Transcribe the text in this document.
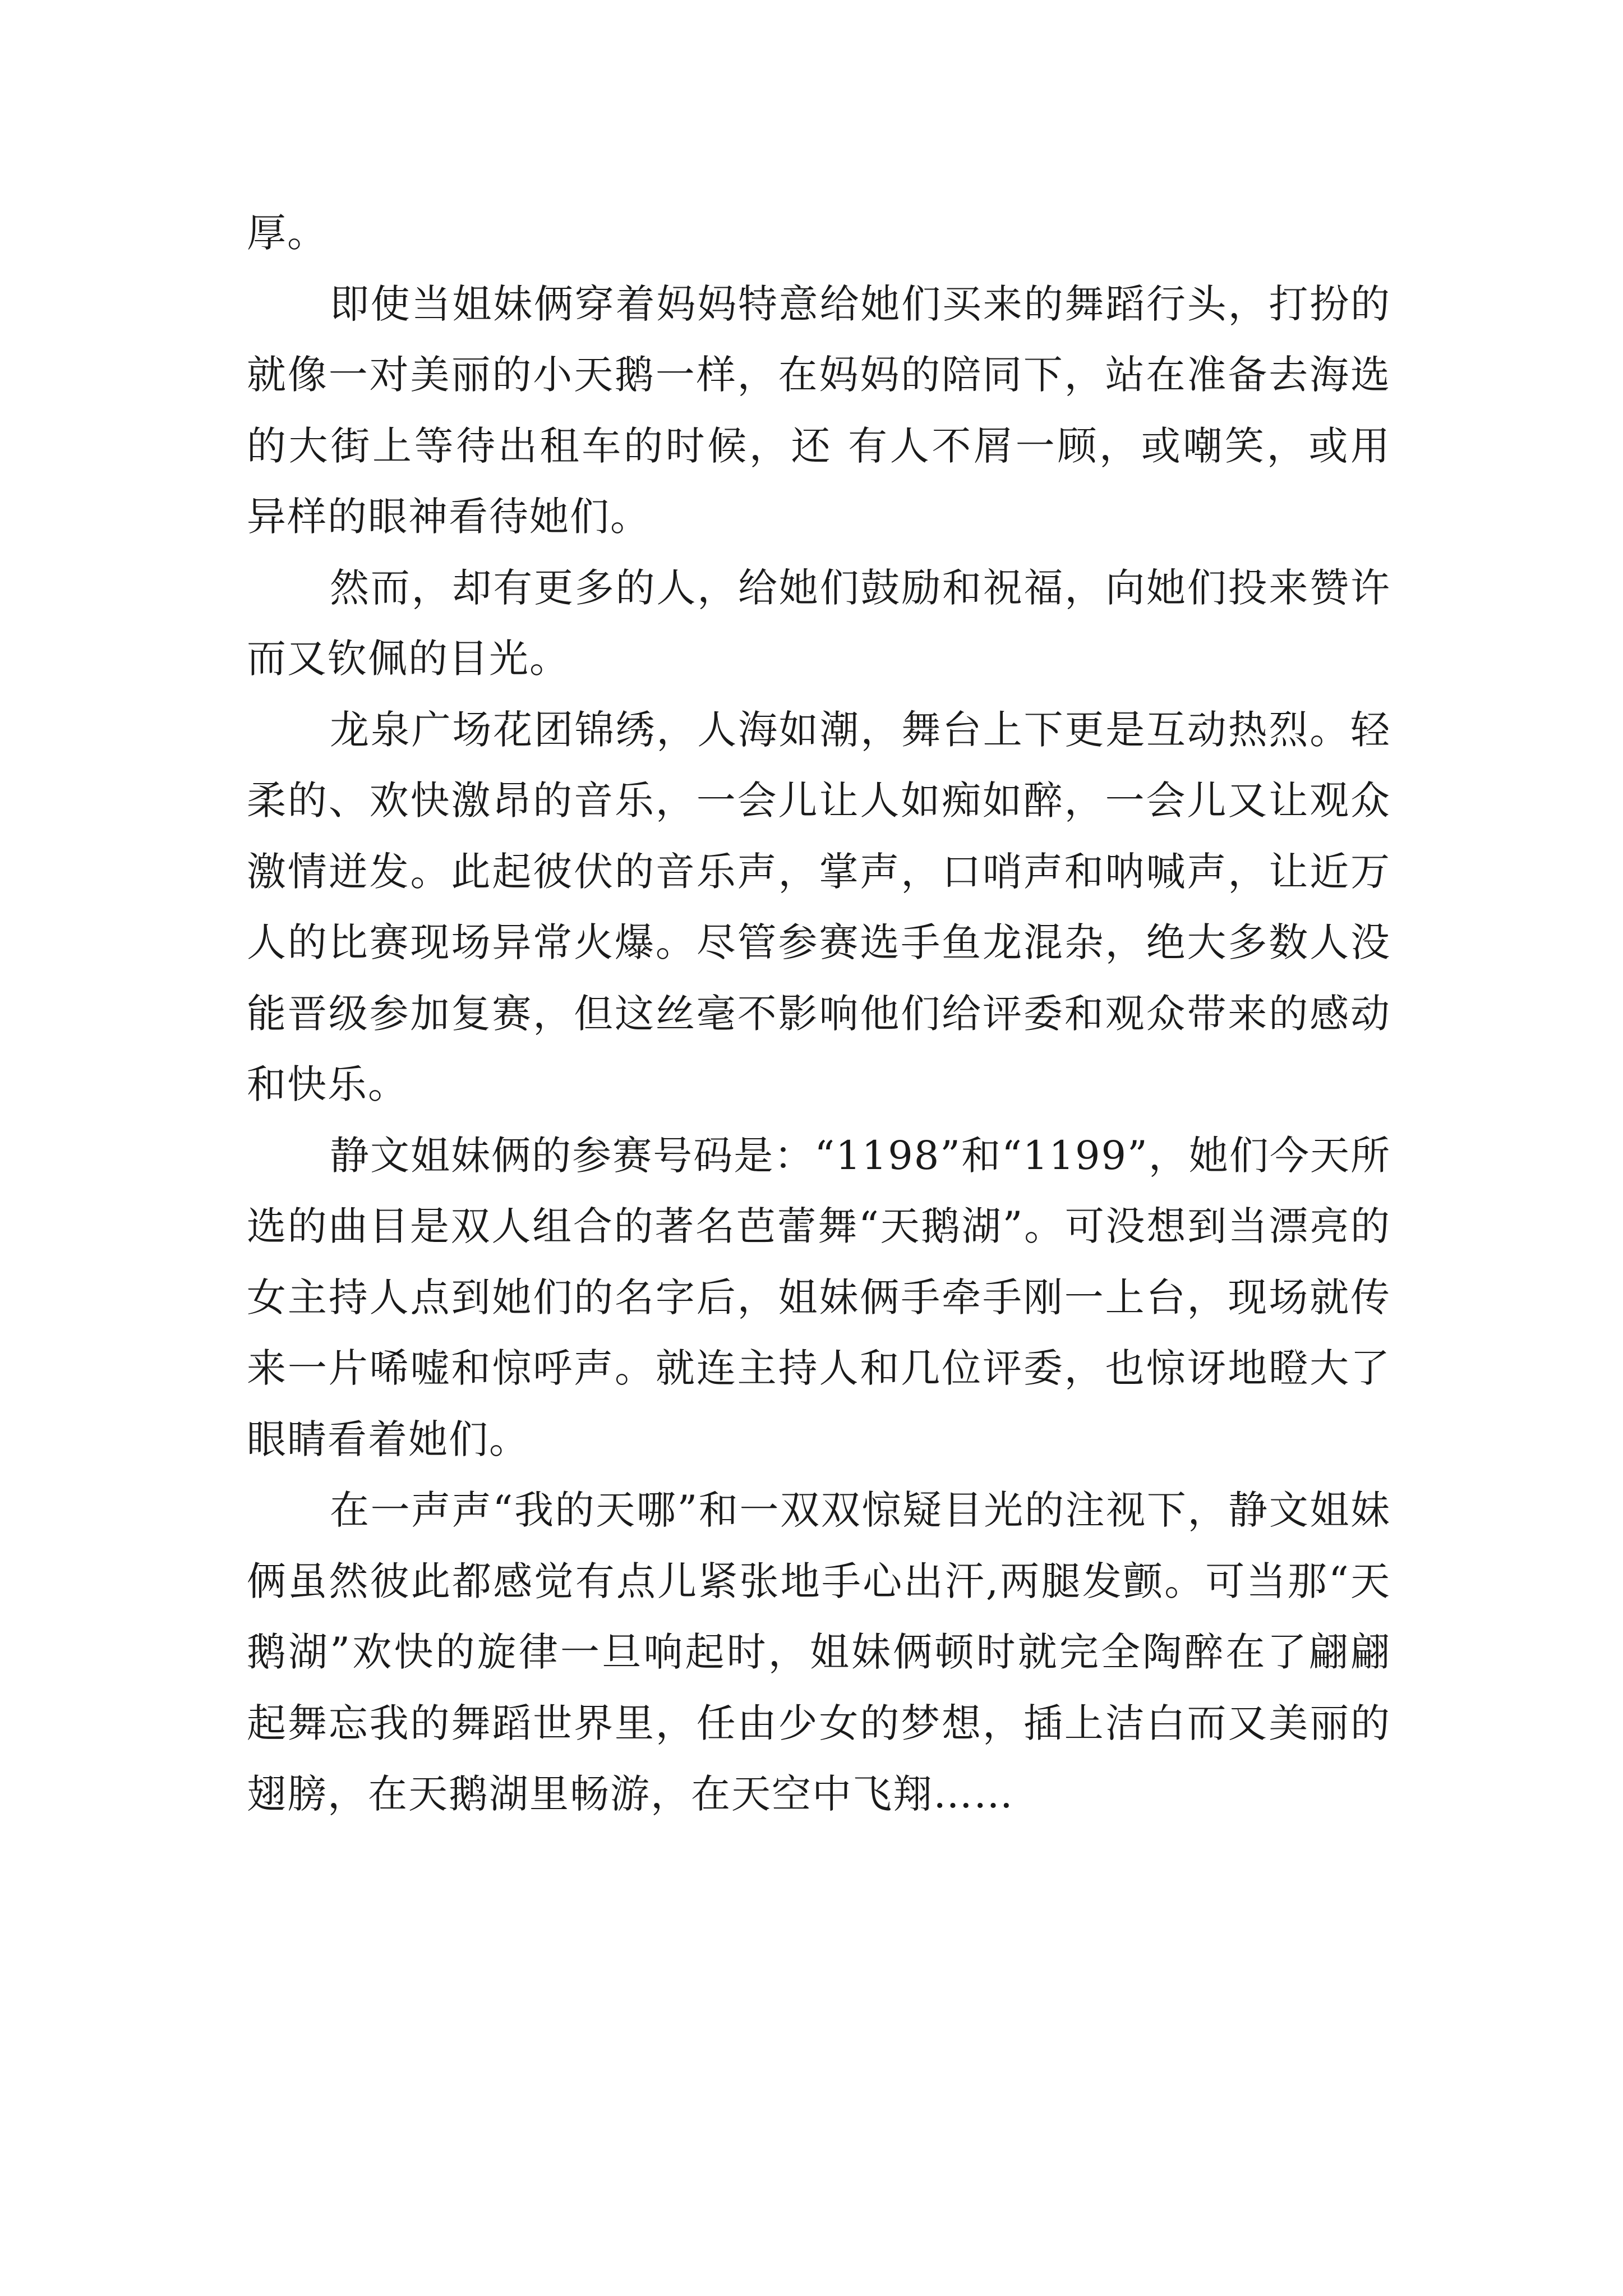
厚。

即使当姐妹俩穿着妈妈特意给她们买来的舞蹈行头，打扮的就像一对美丽的小天鹅一样，在妈妈的陪同下，站在准备去海选的大街上等待出租车的时候，还 有人不屑一顾，或嘲笑，或用异样的眼神看待她们。

然而，却有更多的人，给她们鼓励和祝福，向她们投来赞许而又钦佩的目光。

龙泉广场花团锦绣，人海如潮，舞台上下更是互动热烈。轻柔的、欢快激昂的音乐，一会儿让人如痴如醉，一会儿又让观众激情迸发。此起彼伏的音乐声，掌声，口哨声和呐喊声，让近万人的比赛现场异常火爆。尽管参赛选手鱼龙混杂，绝大多数人没能晋级参加复赛，但这丝毫不影响他们给评委和观众带来的感动和快乐。

静文姐妹俩的参赛号码是：“1198”和“1199”，她们今天所选的曲目是双人组合的著名芭蕾舞“天鹅湖”。可没想到当漂亮的女主持人点到她们的名字后，姐妹俩手牵手刚一上台，现场就传来一片唏嘘和惊呼声。就连主持人和几位评委，也惊讶地瞪大了眼睛看着她们。

在一声声“我的天哪”和一双双惊疑目光的注视下，静文姐妹俩虽然彼此都感觉有点儿紧张地手心出汗,两腿发颤。可当那“天鹅湖”欢快的旋律一旦响起时，姐妹俩顿时就完全陶醉在了翩翩起舞忘我的舞蹈世界里，任由少女的梦想，插上洁白而又美丽的翅膀，在天鹅湖里畅游，在天空中飞翔……
